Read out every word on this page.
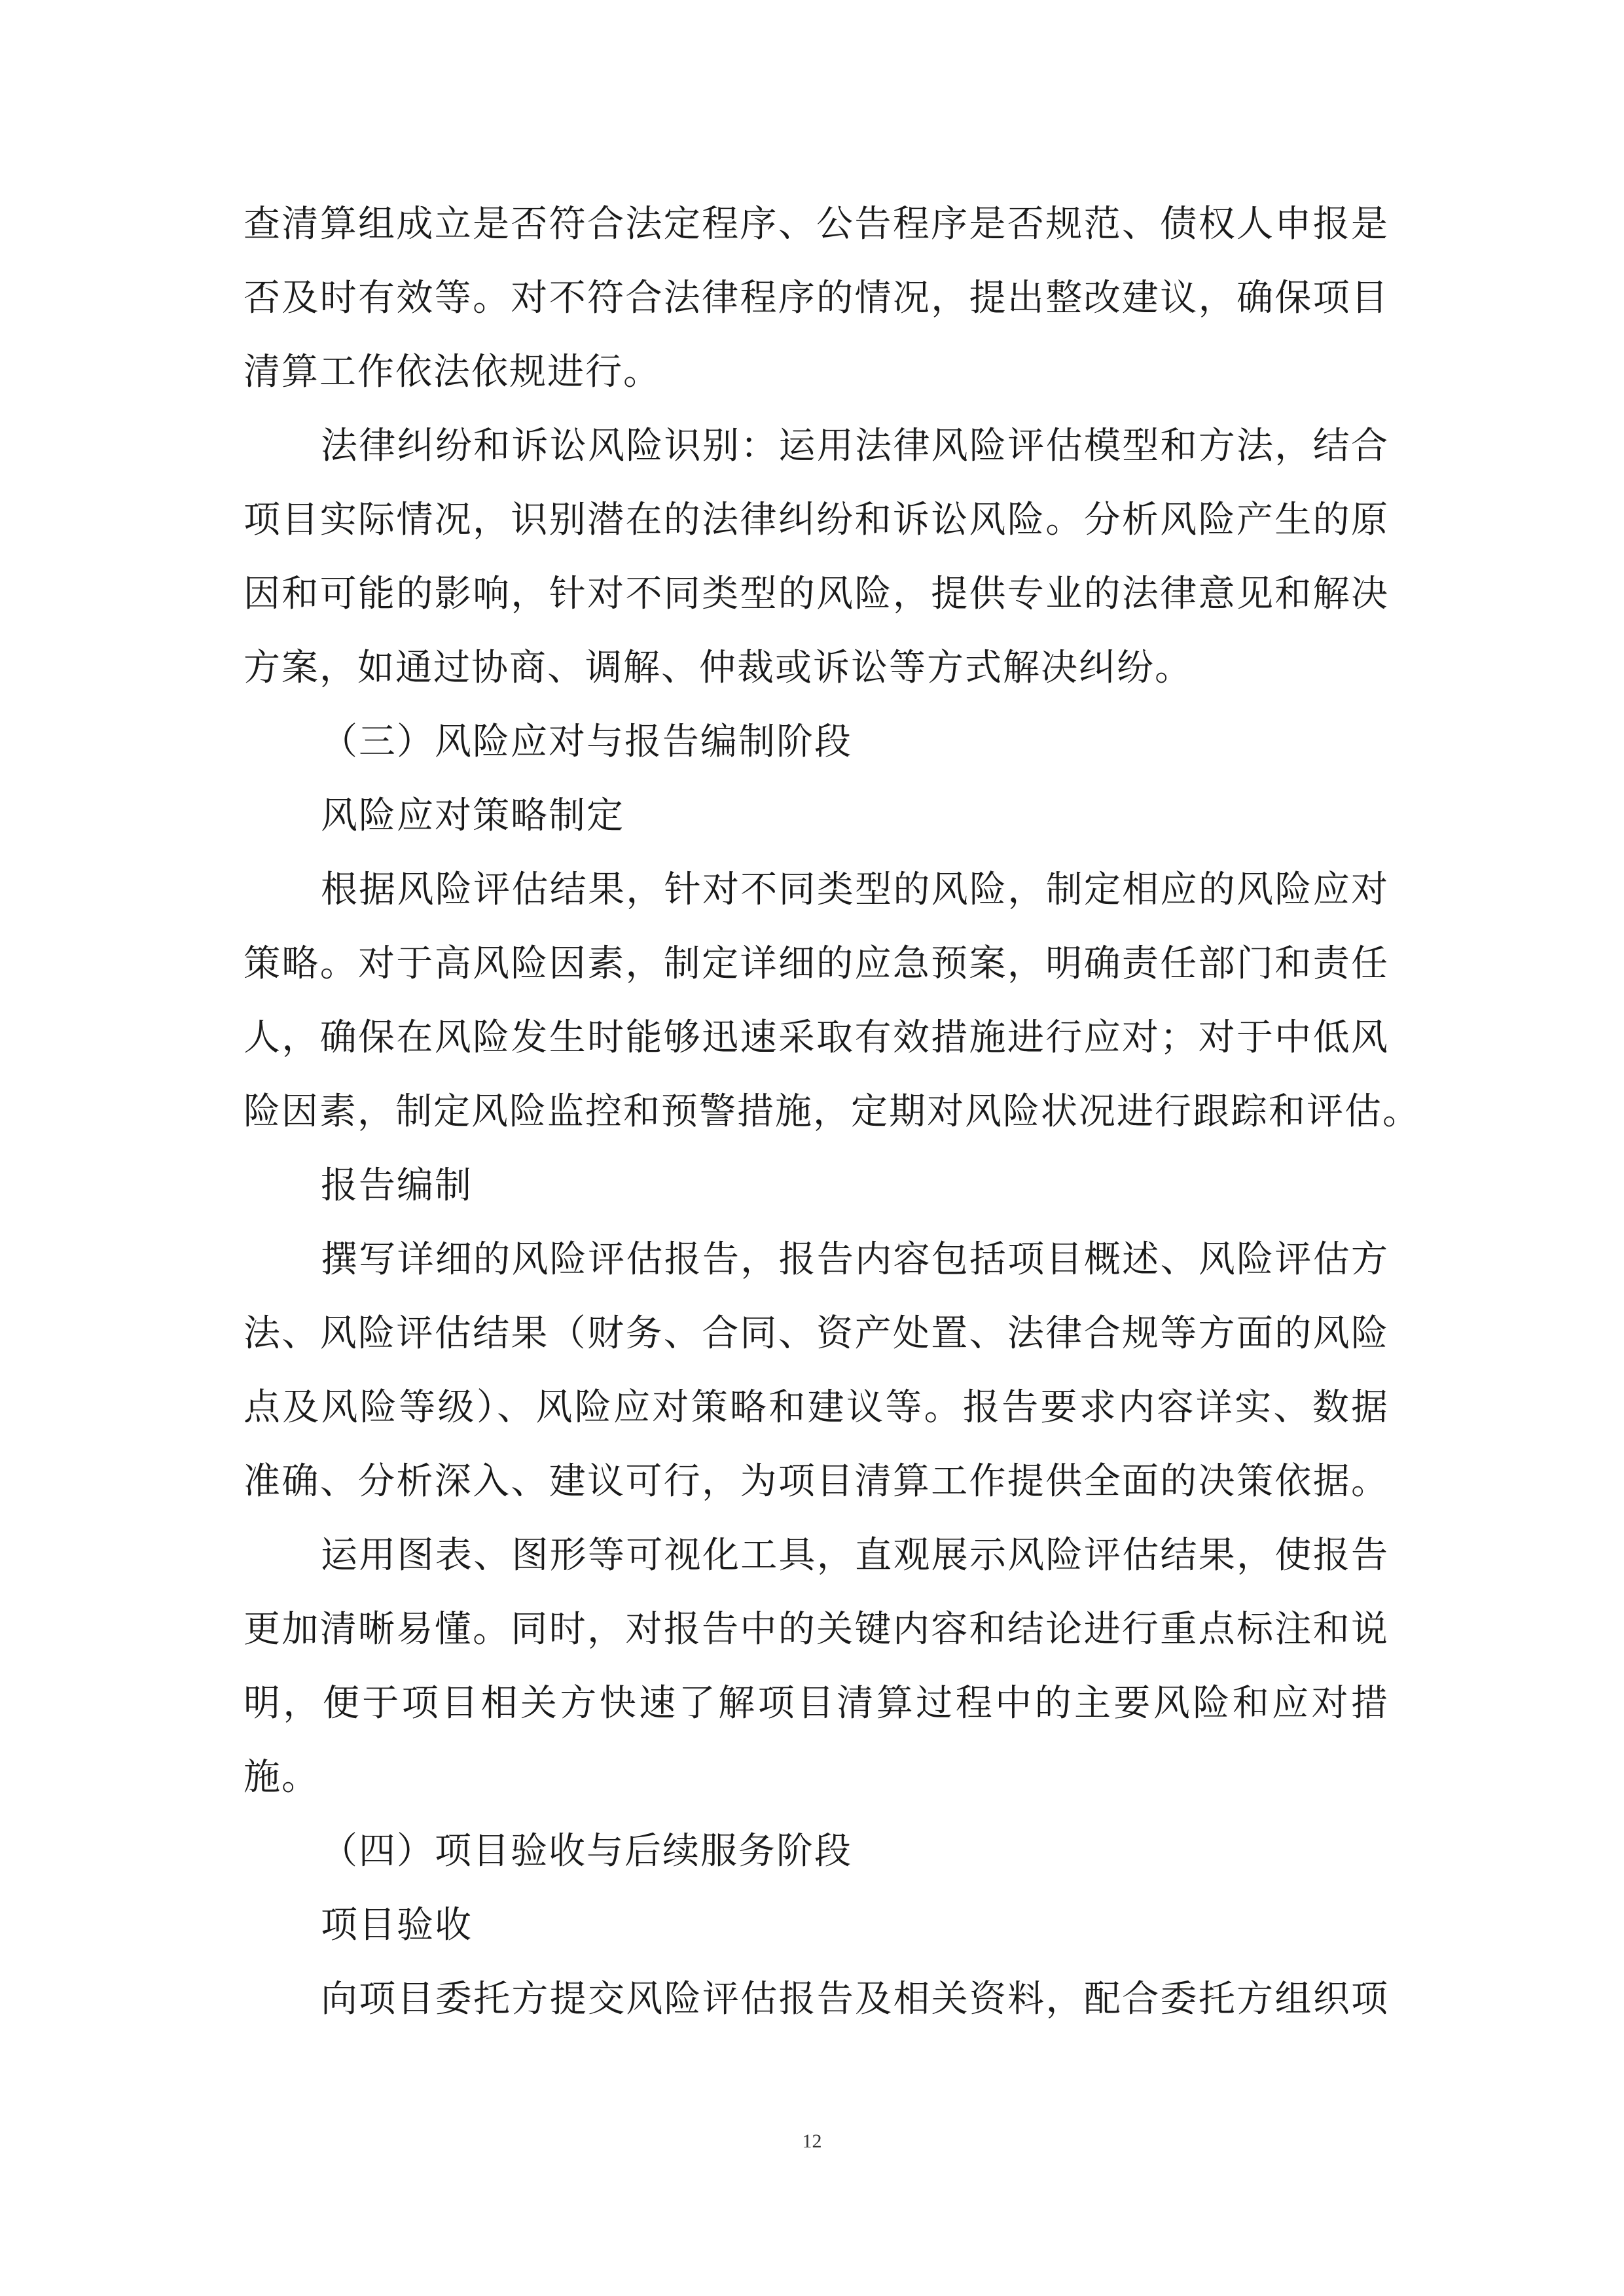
查清算组成立是否符合法定程序、公告程序是否规范、债权人申报是
否及时有效等。对不符合法律程序的情况，提出整改建议，确保项目
清算工作依法依规进行。
法律纠纷和诉讼风险识别：运用法律风险评估模型和方法，结合
项目实际情况，识别潜在的法律纠纷和诉讼风险。分析风险产生的原
因和可能的影响，针对不同类型的风险，提供专业的法律意见和解决
方案，如通过协商、调解、仲裁或诉讼等方式解决纠纷。
（三）风险应对与报告编制阶段
风险应对策略制定
根据风险评估结果，针对不同类型的风险，制定相应的风险应对
策略。对于高风险因素，制定详细的应急预案，明确责任部门和责任
人，确保在风险发生时能够迅速采取有效措施进行应对；对于中低风
险因素，制定风险监控和预警措施，定期对风险状况进行跟踪和评估。
报告编制
撰写详细的风险评估报告，报告内容包括项目概述、风险评估方
法、风险评估结果（财务、合同、资产处置、法律合规等方面的风险
点及风险等级）、风险应对策略和建议等。报告要求内容详实、数据
准确、分析深入、建议可行，为项目清算工作提供全面的决策依据。
运用图表、图形等可视化工具，直观展示风险评估结果，使报告
更加清晰易懂。同时，对报告中的关键内容和结论进行重点标注和说
明，便于项目相关方快速了解项目清算过程中的主要风险和应对措
施。
（四）项目验收与后续服务阶段
项目验收
向项目委托方提交风险评估报告及相关资料，配合委托方组织项
12
